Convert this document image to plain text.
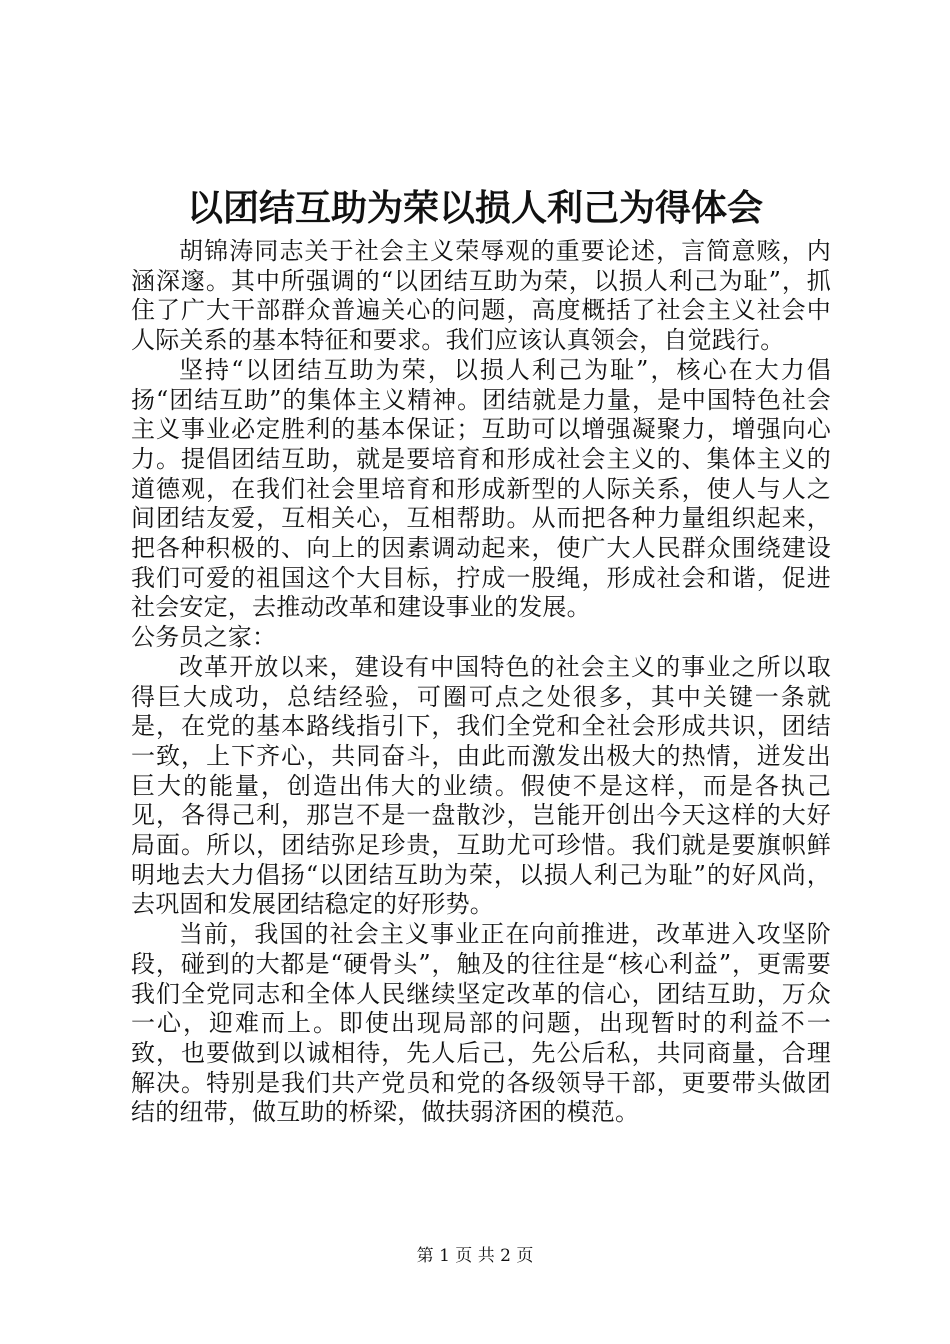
以团结互助为荣以损人利己为得体会

胡锦涛同志关于社会主义荣辱观的重要论述，言简意赅，内涵深邃。其中所强调的“以团结互助为荣，以损人利己为耻”，抓住了广大干部群众普遍关心的问题，高度概括了社会主义社会中人际关系的基本特征和要求。我们应该认真领会，自觉践行。

坚持“以团结互助为荣，以损人利己为耻”，核心在大力倡扬“团结互助”的集体主义精神。团结就是力量，是中国特色社会主义事业必定胜利的基本保证；互助可以增强凝聚力，增强向心力。提倡团结互助，就是要培育和形成社会主义的、集体主义的道德观，在我们社会里培育和形成新型的人际关系，使人与人之间团结友爱，互相关心，互相帮助。从而把各种力量组织起来，把各种积极的、向上的因素调动起来，使广大人民群众围绕建设我们可爱的祖国这个大目标，拧成一股绳，形成社会和谐，促进社会安定，去推动改革和建设事业的发展。

公务员之家：

改革开放以来，建设有中国特色的社会主义的事业之所以取得巨大成功，总结经验，可圈可点之处很多，其中关键一条就是，在党的基本路线指引下，我们全党和全社会形成共识，团结一致，上下齐心，共同奋斗，由此而激发出极大的热情，迸发出巨大的能量，创造出伟大的业绩。假使不是这样，而是各执己见，各得己利，那岂不是一盘散沙，岂能开创出今天这样的大好局面。所以，团结弥足珍贵，互助尤可珍惜。我们就是要旗帜鲜明地去大力倡扬“以团结互助为荣，以损人利己为耻”的好风尚，去巩固和发展团结稳定的好形势。

当前，我国的社会主义事业正在向前推进，改革进入攻坚阶段，碰到的大都是“硬骨头”，触及的往往是“核心利益”，更需要我们全党同志和全体人民继续坚定改革的信心，团结互助，万众一心，迎难而上。即使出现局部的问题，出现暂时的利益不一致，也要做到以诚相待，先人后己，先公后私，共同商量，合理解决。特别是我们共产党员和党的各级领导干部，更要带头做团结的纽带，做互助的桥梁，做扶弱济困的模范。

第 1 页 共 2 页
